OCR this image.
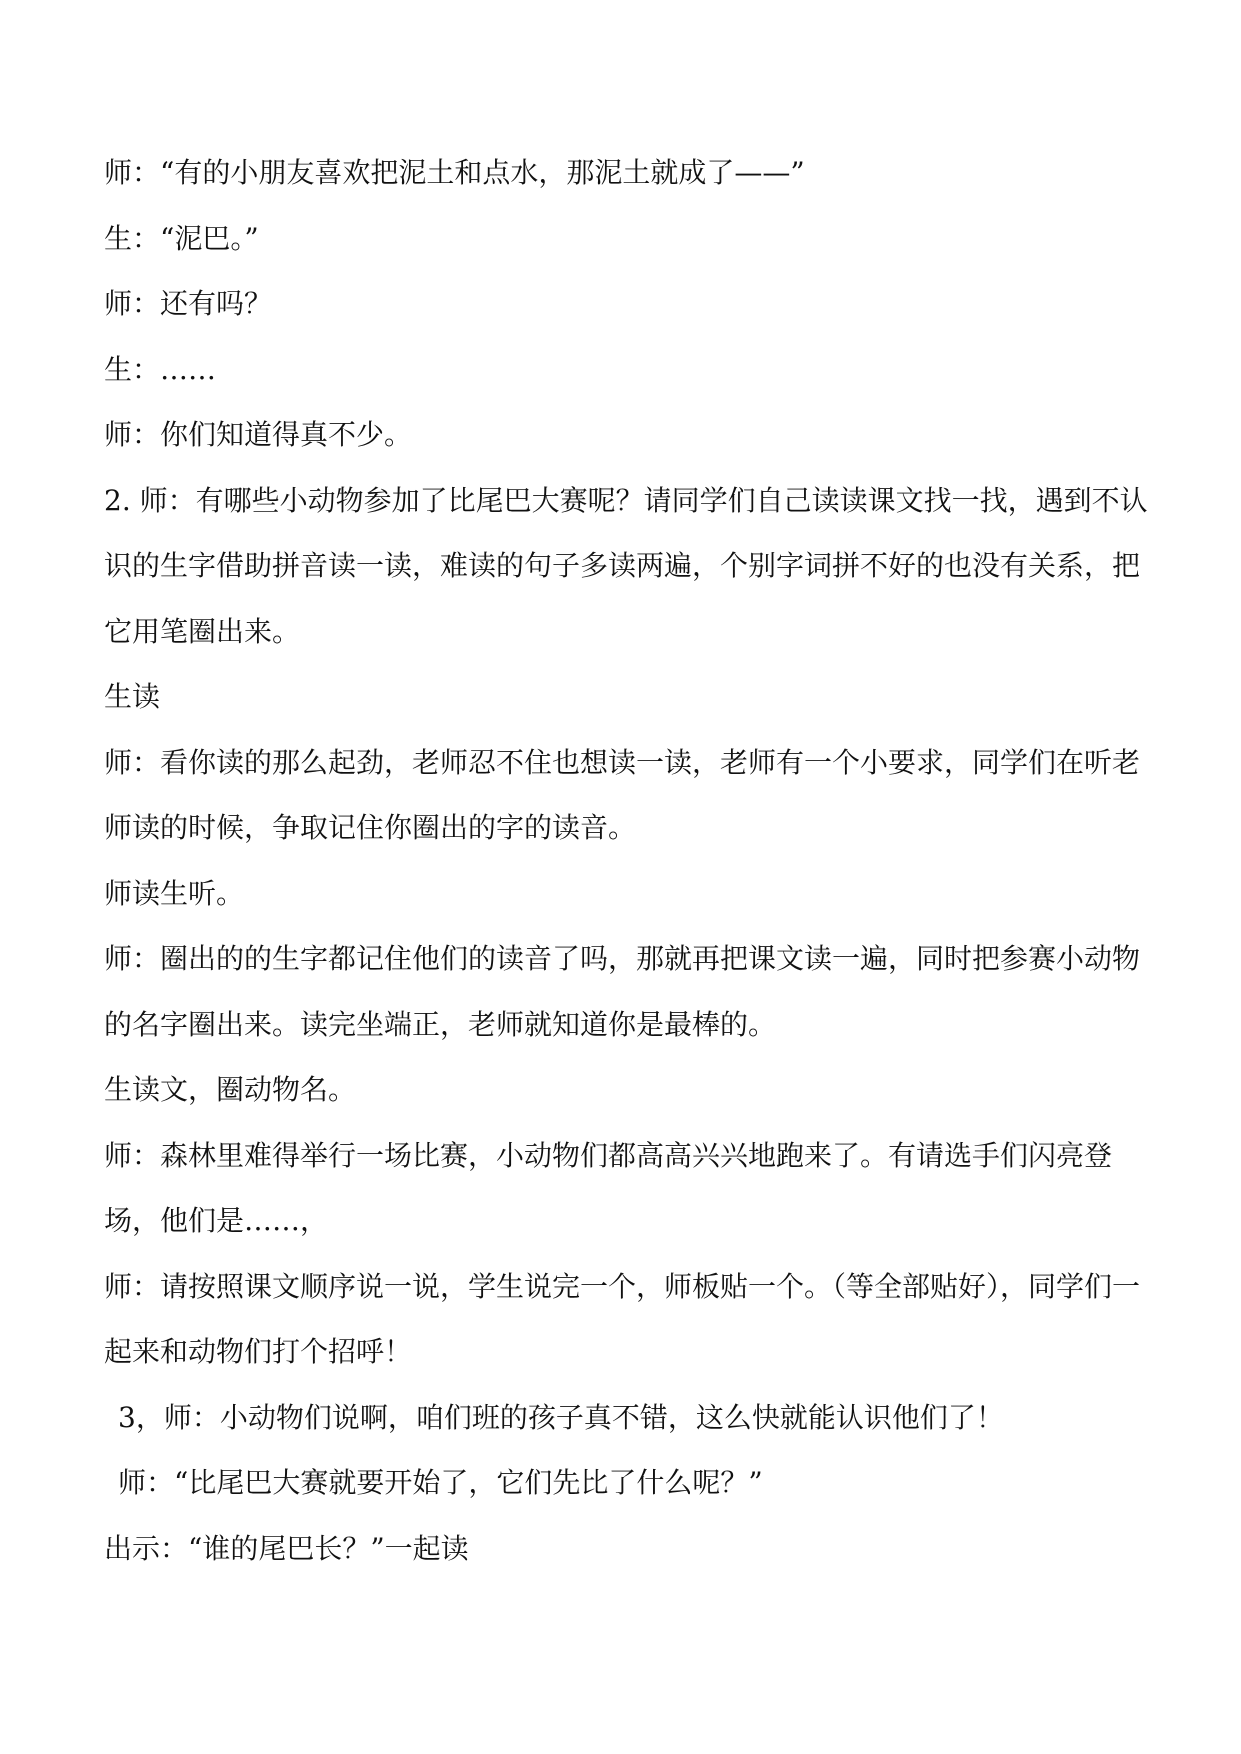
师：“有的小朋友喜欢把泥土和点水，那泥土就成了——”

生：“泥巴。”

师：还有吗？

生：……

师：你们知道得真不少。

2. 师：有哪些小动物参加了比尾巴大赛呢？请同学们自己读读课文找一找，遇到不认识的生字借助拼音读一读，难读的句子多读两遍，个别字词拼不好的也没有关系，把它用笔圈出来。

生读

师：看你读的那么起劲，老师忍不住也想读一读，老师有一个小要求，同学们在听老师读的时候，争取记住你圈出的字的读音。

师读生听。

师：圈出的的生字都记住他们的读音了吗，那就再把课文读一遍，同时把参赛小动物的名字圈出来。读完坐端正，老师就知道你是最棒的。

生读文，圈动物名。

师：森林里难得举行一场比赛，小动物们都高高兴兴地跑来了。有请选手们闪亮登场，他们是……，

师：请按照课文顺序说一说，学生说完一个，师板贴一个。（等全部贴好），同学们一起来和动物们打个招呼！

3，师：小动物们说啊，咱们班的孩子真不错，这么快就能认识他们了！

师：“比尾巴大赛就要开始了，它们先比了什么呢？”

出示：“谁的尾巴长？”一起读
